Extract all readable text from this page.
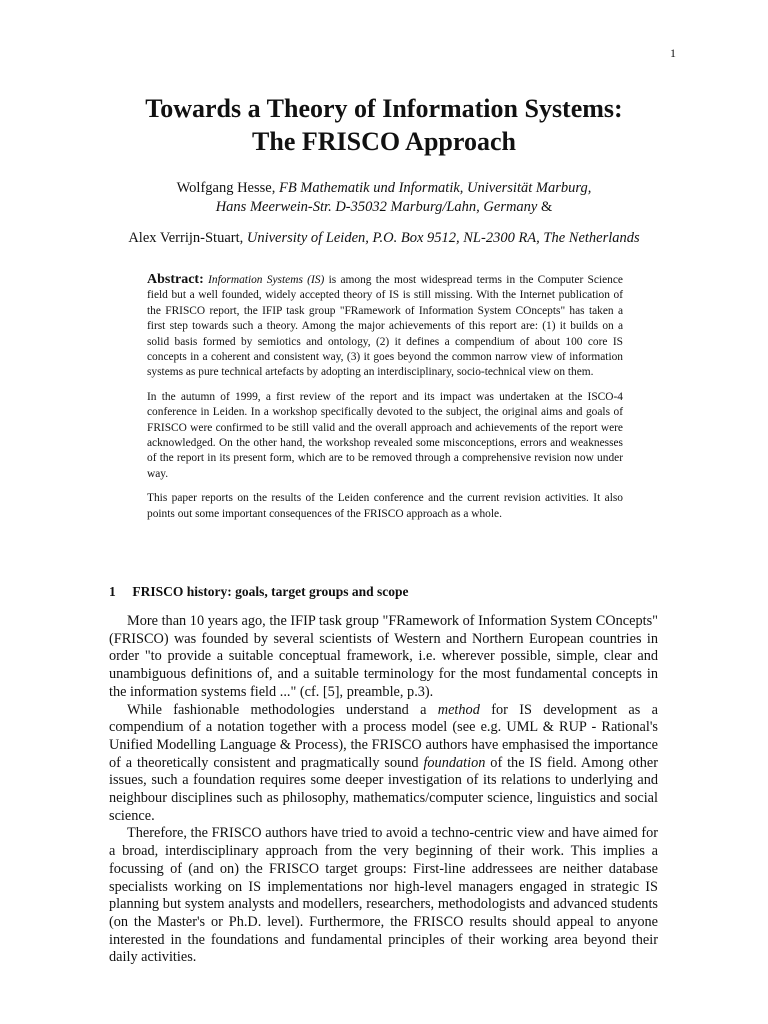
1
Towards a Theory of Information Systems:
The FRISCO Approach
Wolfgang Hesse, FB Mathematik und Informatik, Universität Marburg,
Hans Meerwein-Str. D-35032 Marburg/Lahn, Germany &
Alex Verrijn-Stuart, University of Leiden, P.O. Box 9512, NL-2300 RA, The Netherlands

Abstract: Information Systems (IS) is among the most widespread terms in the Computer Science field but a well founded, widely accepted theory of IS is still missing. With the Internet publication of the FRISCO report, the IFIP task group "FRamework of Information System COncepts" has taken a first step towards such a theory. Among the major achievements of this report are: (1) it builds on a solid basis formed by semiotics and ontology, (2) it defines a compendium of about 100 core IS concepts in a coherent and consistent way, (3) it goes beyond the common narrow view of information systems as pure technical artefacts by adopting an interdisciplinary, socio-technical view on them.

In the autumn of 1999, a first review of the report and its impact was undertaken at the ISCO-4 conference in Leiden. In a workshop specifically devoted to the subject, the original aims and goals of FRISCO were confirmed to be still valid and the overall approach and achievements of the report were acknowledged. On the other hand, the workshop revealed some misconceptions, errors and weaknesses of the report in its present form, which are to be removed through a comprehensive revision now under way.

This paper reports on the results of the Leiden conference and the current revision activities. It also points out some important consequences of the FRISCO approach as a whole.

1 FRISCO history: goals, target groups and scope

More than 10 years ago, the IFIP task group "FRamework of Information System COncepts" (FRISCO) was founded by several scientists of Western and Northern European countries in order "to provide a suitable conceptual framework, i.e. wherever possible, simple, clear and unambiguous definitions of, and a suitable terminology for the most fundamental concepts in the information systems field ..." (cf. [5], preamble, p.3).

While fashionable methodologies understand a method for IS development as a compendium of a notation together with a process model (see e.g. UML & RUP - Rational's Unified Modelling Language & Process), the FRISCO authors have emphasised the importance of a theoretically consistent and pragmatically sound foundation of the IS field. Among other issues, such a foundation requires some deeper investigation of its relations to underlying and neighbour disciplines such as philosophy, mathematics/computer science, linguistics and social science.

Therefore, the FRISCO authors have tried to avoid a techno-centric view and have aimed for a broad, interdisciplinary approach from the very beginning of their work. This implies a focussing of (and on) the FRISCO target groups: First-line addressees are neither database specialists working on IS implementations nor high-level managers engaged in strategic IS planning but system analysts and modellers, researchers, methodologists and advanced students (on the Master's or Ph.D. level). Furthermore, the FRISCO results should appeal to anyone interested in the foundations and fundamental principles of their working area beyond their daily activities.
